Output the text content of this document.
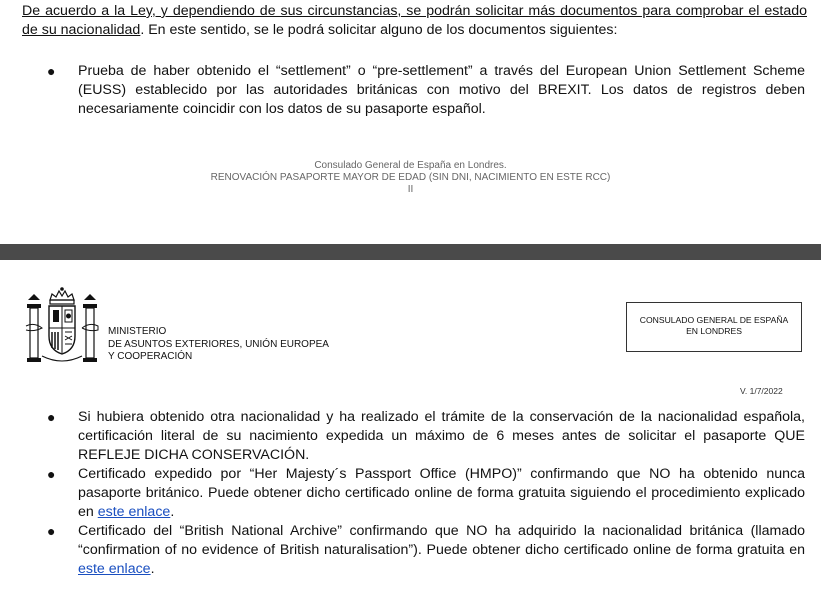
De acuerdo a la Ley, y dependiendo de sus circunstancias, se podrán solicitar más documentos para comprobar el estado de su nacionalidad. En este sentido, se le podrá solicitar alguno de los documentos siguientes:
● Prueba de haber obtenido el “settlement” o “pre-settlement” a través del European Union Settlement Scheme (EUSS) establecido por las autoridades británicas con motivo del BREXIT. Los datos de registros deben necesariamente coincidir con los datos de su pasaporte español.
Consulado General de España en Londres.
RENOVACIÓN PASAPORTE MAYOR DE EDAD (SIN DNI, NACIMIENTO EN ESTE RCC)
II
MINISTERIO
DE ASUNTOS EXTERIORES, UNIÓN EUROPEA
Y COOPERACIÓN
CONSULADO GENERAL DE ESPAÑA
EN LONDRES
V. 1/7/2022
● Si hubiera obtenido otra nacionalidad y ha realizado el trámite de la conservación de la nacionalidad española, certificación literal de su nacimiento expedida un máximo de 6 meses antes de solicitar el pasaporte QUE REFLEJE DICHA CONSERVACIÓN.
● Certificado expedido por “Her Majesty´s Passport Office (HMPO)” confirmando que NO ha obtenido nunca pasaporte británico. Puede obtener dicho certificado online de forma gratuita siguiendo el procedimiento explicado en este enlace.
● Certificado del “British National Archive” confirmando que NO ha adquirido la nacionalidad británica (llamado “confirmation of no evidence of British naturalisation”). Puede obtener dicho certificado online de forma gratuita en este enlace.
